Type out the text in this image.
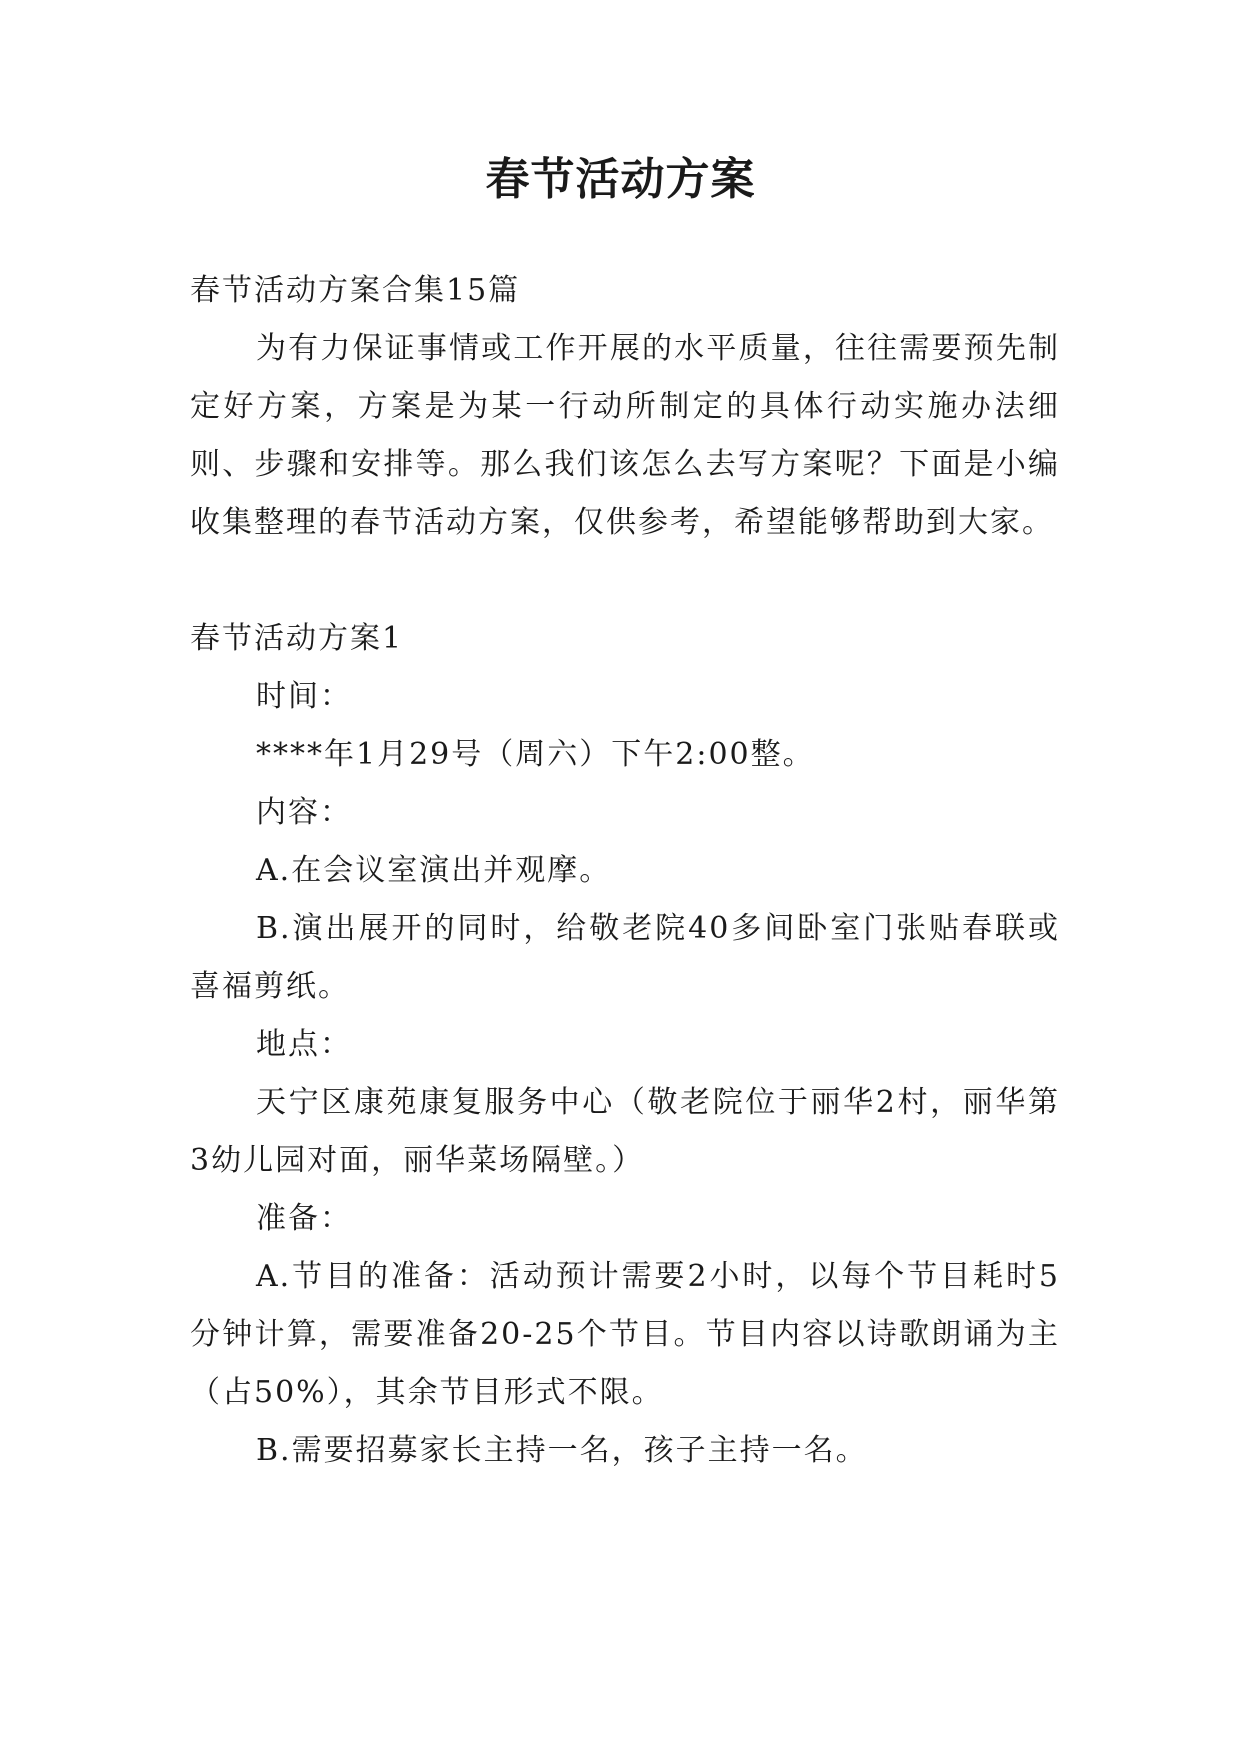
春节活动方案
春节活动方案合集15篇
为有力保证事情或工作开展的水平质量，往往需要预先制定好方案，方案是为某一行动所制定的具体行动实施办法细则、步骤和安排等。那么我们该怎么去写方案呢？下面是小编收集整理的春节活动方案，仅供参考，希望能够帮助到大家。
春节活动方案1
时间：
****年1月29号（周六）下午2:00整。
内容：
A.在会议室演出并观摩。
B.演出展开的同时，给敬老院40多间卧室门张贴春联或喜福剪纸。
地点：
天宁区康苑康复服务中心（敬老院位于丽华2村，丽华第3幼儿园对面，丽华菜场隔壁。）
准备：
A.节目的准备：活动预计需要2小时，以每个节目耗时5分钟计算，需要准备20-25个节目。节目内容以诗歌朗诵为主（占50%），其余节目形式不限。
B.需要招募家长主持一名，孩子主持一名。
